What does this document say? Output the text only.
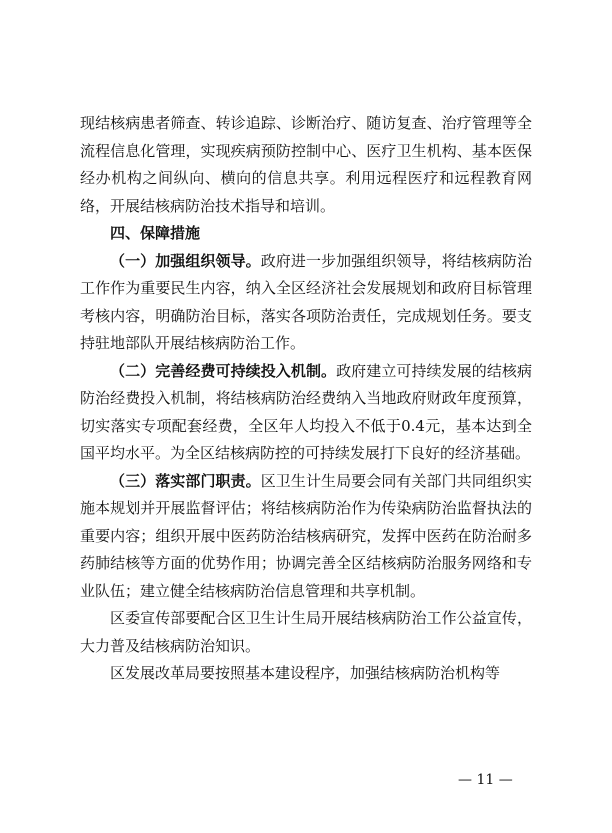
现结核病患者筛查、转诊追踪、诊断治疗、随访复查、治疗管理等全流程信息化管理，实现疾病预防控制中心、医疗卫生机构、基本医保经办机构之间纵向、横向的信息共享。利用远程医疗和远程教育网络，开展结核病防治技术指导和培训。

四、保障措施

（一）加强组织领导。政府进一步加强组织领导，将结核病防治工作作为重要民生内容，纳入全区经济社会发展规划和政府目标管理考核内容，明确防治目标，落实各项防治责任，完成规划任务。要支持驻地部队开展结核病防治工作。

（二）完善经费可持续投入机制。政府建立可持续发展的结核病防治经费投入机制，将结核病防治经费纳入当地政府财政年度预算，切实落实专项配套经费，全区年人均投入不低于0.4元，基本达到全国平均水平。为全区结核病防控的可持续发展打下良好的经济基础。

（三）落实部门职责。区卫生计生局要会同有关部门共同组织实施本规划并开展监督评估；将结核病防治作为传染病防治监督执法的重要内容；组织开展中医药防治结核病研究，发挥中医药在防治耐多药肺结核等方面的优势作用；协调完善全区结核病防治服务网络和专业队伍；建立健全结核病防治信息管理和共享机制。

区委宣传部要配合区卫生计生局开展结核病防治工作公益宣传，大力普及结核病防治知识。

区发展改革局要按照基本建设程序，加强结核病防治机构等

— 11 —
